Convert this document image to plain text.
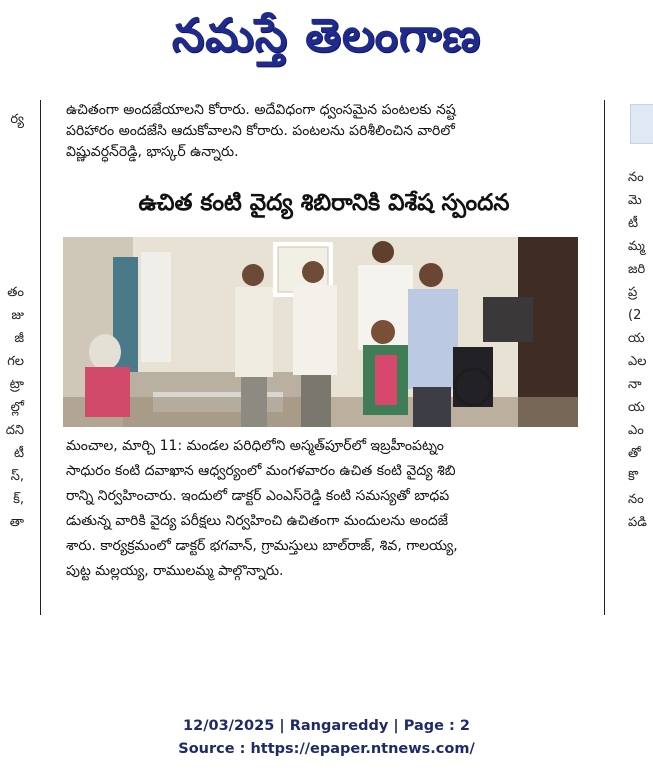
నమస్తే తెలంగాణ
ర్య
తం
జు
జీ
గల
ట్రా
ల్లో
దని
టీ
స్,
క్,
తా

ఉచితంగా అందజేయాలని కోరారు. అదేవిధంగా ధ్వంసమైన పంటలకు నష్ట

పరిహారం అందజేసి ఆదుకోవాలని కోరారు. పంటలను పరిశీలించిన వారిలో

విష్ణువర్ధన్‌రెడ్డి, భాస్కర్ ఉన్నారు.

ఉచిత కంటి వైద్య శిబిరానికి విశేష స్పందన

మంచాల, మార్చి 11: మండల పరిధిలోని అస్మత్‌పూర్‌లో ఇబ్రహీంపట్నం

సాధురం కంటి దవాఖాన ఆధ్వర్యంలో మంగళవారం ఉచిత కంటి వైద్య శిబి

రాన్ని నిర్వహించారు. ఇందులో డాక్టర్ ఎంఎస్‌రెడ్డి కంటి సమస్యతో బాధప

డుతున్న వారికి వైద్య పరీక్షలు నిర్వహించి ఉచితంగా మందులను అందజే

శారు. కార్యక్రమంలో డాక్టర్ భగవాన్, గ్రామస్తులు బాల్‌రాజ్, శివ, గాలయ్య,

పుట్ట మల్లయ్య, రాములమ్మ పాల్గొన్నారు.

నం
మె
టీ
మ్మ
జరి
ప్ర
(2
య
ఎల
నా
య
ఎం
తో
కొ
నం
పడి
12/03/2025 | Rangareddy | Page : 2
Source : https://epaper.ntnews.com/
